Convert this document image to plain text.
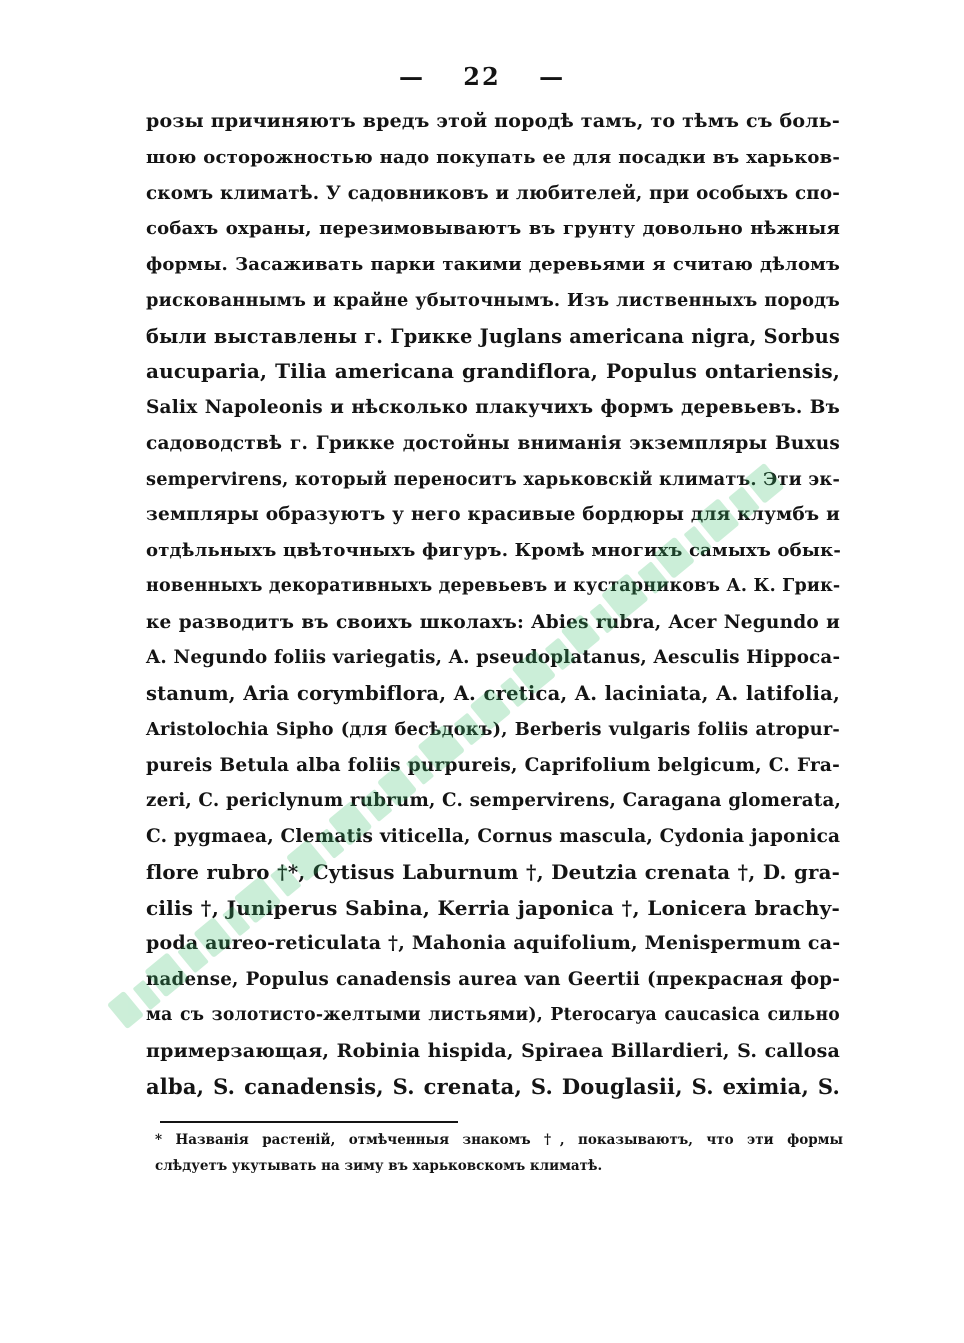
— 22 —
розы причиняютъ вредъ этой породѣ тамъ, то тѣмъ съ боль-
шою осторожностью надо покупать ее для посадки въ харьков-
скомъ климатѣ. У садовниковъ и любителей, при особыхъ спо-
собахъ охраны, перезимовываютъ въ грунту довольно нѣжныя
формы. Засаживать парки такими деревьями я считаю дѣломъ
рискованнымъ и крайне убыточнымъ. Изъ лиственныхъ породъ
были выставлены г. Грикке Juglans americana nigra, Sorbus
aucuparia, Tilia americana grandiflora, Populus ontariensis,
Salix Napoleonis и нѣсколько плакучихъ формъ деревьевъ. Въ
садоводствѣ г. Грикке достойны вниманія экземпляры Buxus
sempervirens, который переноситъ харьковскій климатъ. Эти эк-
земпляры образуютъ у него красивые бордюры для клумбъ и
отдѣльныхъ цвѣточныхъ фигуръ. Кромѣ многихъ самыхъ обык-
новенныхъ декоративныхъ деревьевъ и кустарниковъ А. К. Грик-
ке разводитъ въ своихъ школахъ: Abies rubra, Acer Negundo и
A. Negundo foliis variegatis, A. pseudoplatanus, Aesculis Hippoca-
stanum, Aria corymbiflora, A. cretica, A. laciniata, A. latifolia,
Aristolochia Sipho (для бесѣдокъ), Berberis vulgaris foliis atropur-
pureis Betula alba foliis purpureis, Caprifolium belgicum, C. Fra-
zeri, C. periclynum rubrum, C. sempervirens, Caragana glomerata,
C. pygmaea, Clematis viticella, Cornus mascula, Cydonia japonica
flore rubro †*, Cytisus Laburnum †, Deutzia crenata †, D. gra-
cilis †, Juniperus Sabina, Kerria japonica †, Lonicera brachy-
poda aureo-reticulata †, Mahonia aquifolium, Menispermum ca-
nadense, Populus canadensis aurea van Geertii (прекрасная фор-
ма съ золотисто-желтыми листьями), Pterocarya caucasica сильно
примерзающая, Robinia hispida, Spiraea Billardieri, S. callosa
alba, S. canadensis, S. crenata, S. Douglasii, S. eximia, S.
* Названія растеній, отмѣченныя знакомъ †, показываютъ, что эти формы
слѣдуетъ укутывать на зиму въ харьковскомъ климатѣ.
